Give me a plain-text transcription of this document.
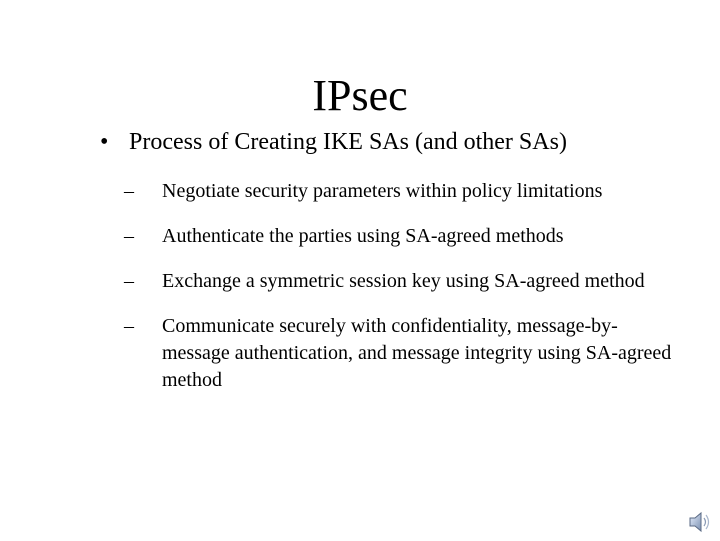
IPsec
• Process of Creating IKE SAs (and other SAs)
– Negotiate security parameters within policy limitations
– Authenticate the parties using SA-agreed methods
– Exchange a symmetric session key using SA-agreed method
– Communicate securely with confidentiality, message-by-message authentication, and message integrity using SA-agreed method
